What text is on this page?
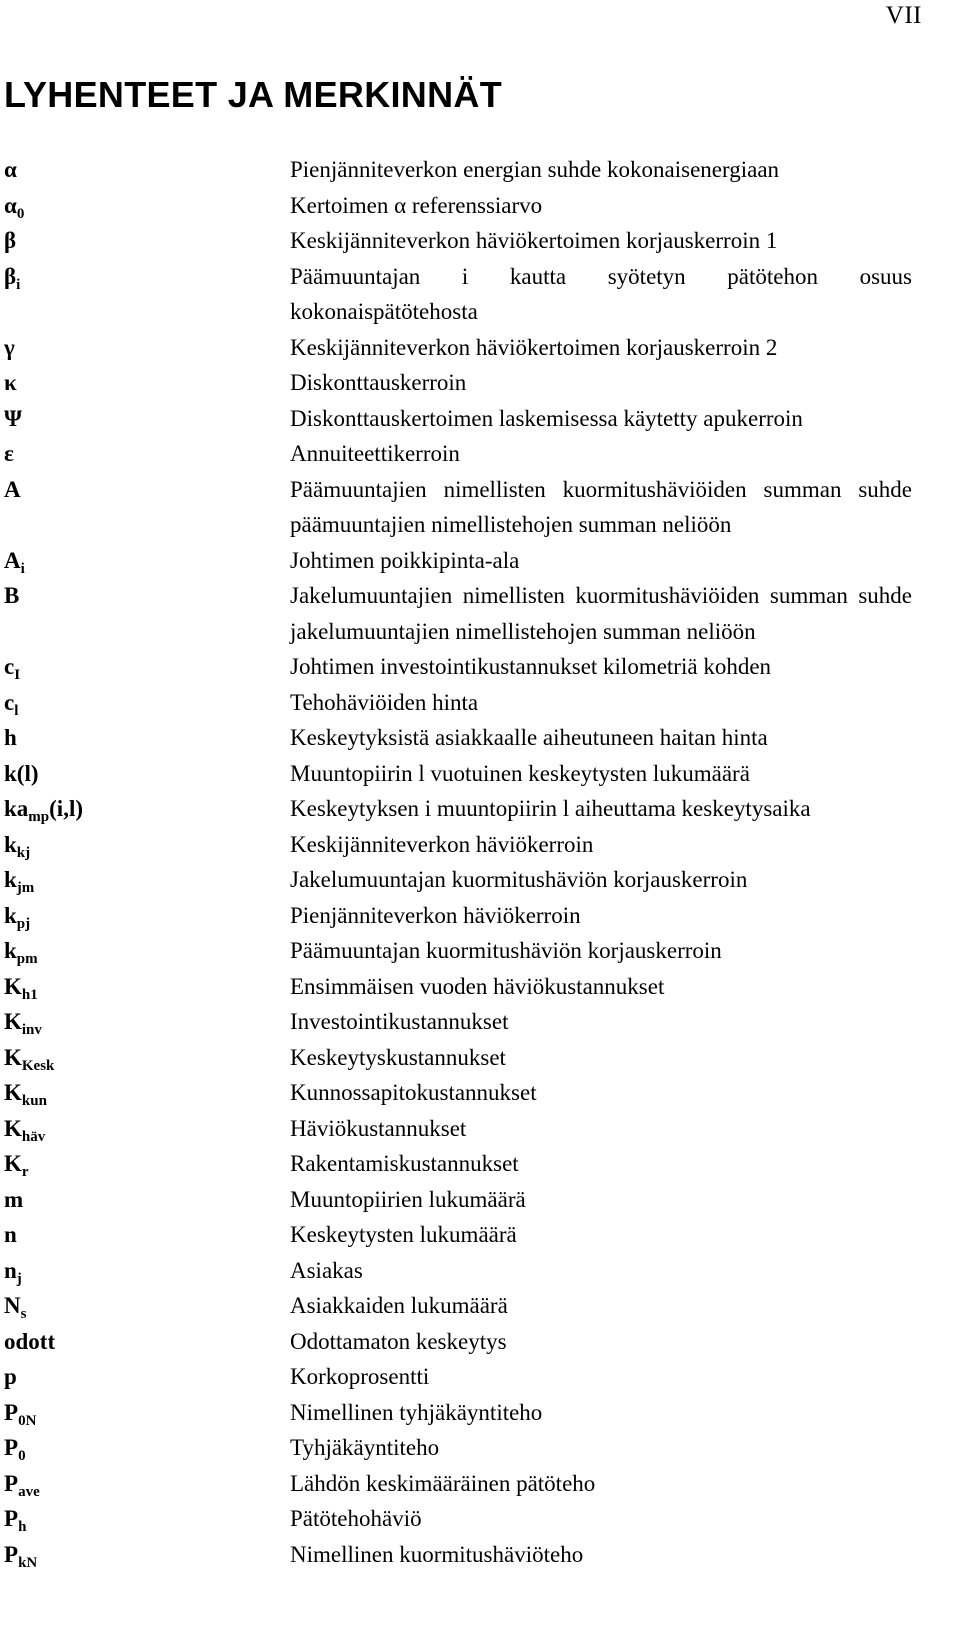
VII
LYHENTEET JA MERKINNÄT
α	Pienjänniteverkon energian suhde kokonaisenergiaan
$\alpha_0$	Kertoimen α referenssiarvo
β	Keskijänniteverkon häviökertoimen korjauskerroin 1
$\beta_i$	Päämuuntajan i kautta syötetyn pätötehon osuus kokonaispätötehosta
γ	Keskijänniteverkon häviökertoimen korjauskerroin 2
κ	Diskonttauskerroin
Ψ	Diskonttauskertoimen laskemisessa käytetty apukerroin
ε	Annuiteettikerroin
A	Päämuuntajien nimellisten kuormitushäviöiden summan suhde päämuuntajien nimellistehojen summan neliöön
$A_i$	Johtimen poikkipinta-ala
B	Jakelumuuntajien nimellisten kuormitushäviöiden summan suhde jakelumuuntajien nimellistehojen summan neliöön
$c_I$	Johtimen investointikustannukset kilometriä kohden
$c_l$	Tehohäviöiden hinta
h	Keskeytyksistä asiakkaalle aiheutuneen haitan hinta
k(l)	Muuntopiirin l vuotuinen keskeytysten lukumäärä
$ka_{mp}(i,l)$	Keskeytyksen i muuntopiirin l aiheuttama keskeytysaika
$k_{kj}$	Keskijänniteverkon häviökerroin
$k_{jm}$	Jakelumuuntajan kuormitushäviön korjauskerroin
$k_{pj}$	Pienjänniteverkon häviökerroin
$k_{pm}$	Päämuuntajan kuormitushäviön korjauskerroin
$K_{h1}$	Ensimmäisen vuoden häviökustannukset
$K_{inv}$	Investointikustannukset
$K_{Kesk}$	Keskeytyskustannukset
$K_{kun}$	Kunnossapitokustannukset
$K_{häv}$	Häviökustannukset
$K_r$	Rakentamiskustannukset
m	Muuntopiirien lukumäärä
n	Keskeytysten lukumäärä
$n_j$	Asiakas
$N_s$	Asiakkaiden lukumäärä
odott	Odottamaton keskeytys
p	Korkoprosentti
$P_{0N}$	Nimellinen tyhjäkäyntiteho
$P_0$	Tyhjäkäyntiteho
$P_{ave}$	Lähdön keskimääräinen pätöteho
$P_h$	Pätötehohäviö
$P_{kN}$	Nimellinen kuormitushäviöteho
